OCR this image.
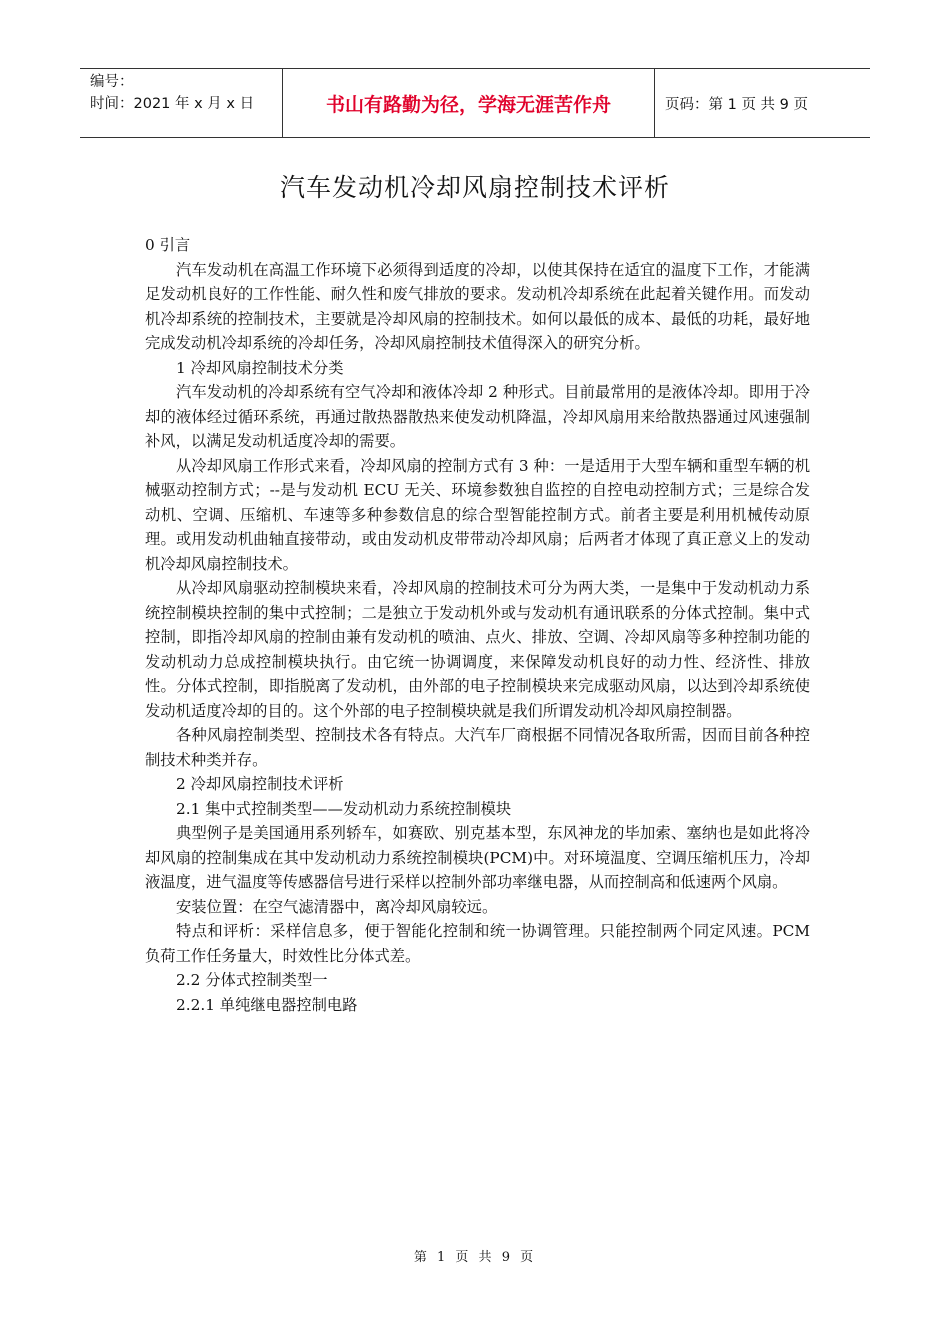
编号：
时间：2021 年 x 月 x 日	书山有路勤为径，学海无涯苦作舟	页码：第 1 页 共 9 页
汽车发动机冷却风扇控制技术评析

0 引言

汽车发动机在高温工作环境下必须得到适度的冷却，以使其保持在适宜的温度下工作，才能满足发动机良好的工作性能、耐久性和废气排放的要求。发动机冷却系统在此起着关键作用。而发动机冷却系统的控制技术，主要就是冷却风扇的控制技术。如何以最低的成本、最低的功耗，最好地完成发动机冷却系统的冷却任务，冷却风扇控制技术值得深入的研究分析。

1 冷却风扇控制技术分类

汽车发动机的冷却系统有空气冷却和液体冷却 2 种形式。目前最常用的是液体冷却。即用于冷却的液体经过循环系统，再通过散热器散热来使发动机降温，冷却风扇用来给散热器通过风速强制补风，以满足发动机适度冷却的需要。

从冷却风扇工作形式来看，冷却风扇的控制方式有 3 种：一是适用于大型车辆和重型车辆的机械驱动控制方式；--是与发动机 ECU 无关、环境参数独自监控的自控电动控制方式；三是综合发动机、空调、压缩机、车速等多种参数信息的综合型智能控制方式。前者主要是利用机械传动原理。或用发动机曲轴直接带动，或由发动机皮带带动冷却风扇；后两者才体现了真正意义上的发动机冷却风扇控制技术。

从冷却风扇驱动控制模块来看，冷却风扇的控制技术可分为两大类，一是集中于发动机动力系统控制模块控制的集中式控制；二是独立于发动机外或与发动机有通讯联系的分体式控制。集中式控制，即指冷却风扇的控制由兼有发动机的喷油、点火、排放、空调、冷却风扇等多种控制功能的发动机动力总成控制模块执行。由它统一协调调度，来保障发动机良好的动力性、经济性、排放性。分体式控制，即指脱离了发动机，由外部的电子控制模块来完成驱动风扇，以达到冷却系统使发动机适度冷却的目的。这个外部的电子控制模块就是我们所谓发动机冷却风扇控制器。

各种风扇控制类型、控制技术各有特点。大汽车厂商根据不同情况各取所需，因而目前各种控制技术种类并存。

2 冷却风扇控制技术评析

2.1 集中式控制类型——发动机动力系统控制模块

典型例子是美国通用系列轿车，如赛欧、别克基本型，东风神龙的毕加索、塞纳也是如此将冷却风扇的控制集成在其中发动机动力系统控制模块(PCM)中。对环境温度、空调压缩机压力，冷却液温度，进气温度等传感器信号进行采样以控制外部功率继电器，从而控制高和低速两个风扇。

安装位置：在空气滤清器中，离冷却风扇较远。

特点和评析：采样信息多，便于智能化控制和统一协调管理。只能控制两个同定风速。PCM 负荷工作任务量大，时效性比分体式差。

2.2 分体式控制类型一

2.2.1 单纯继电器控制电路

第 1 页 共 9 页
